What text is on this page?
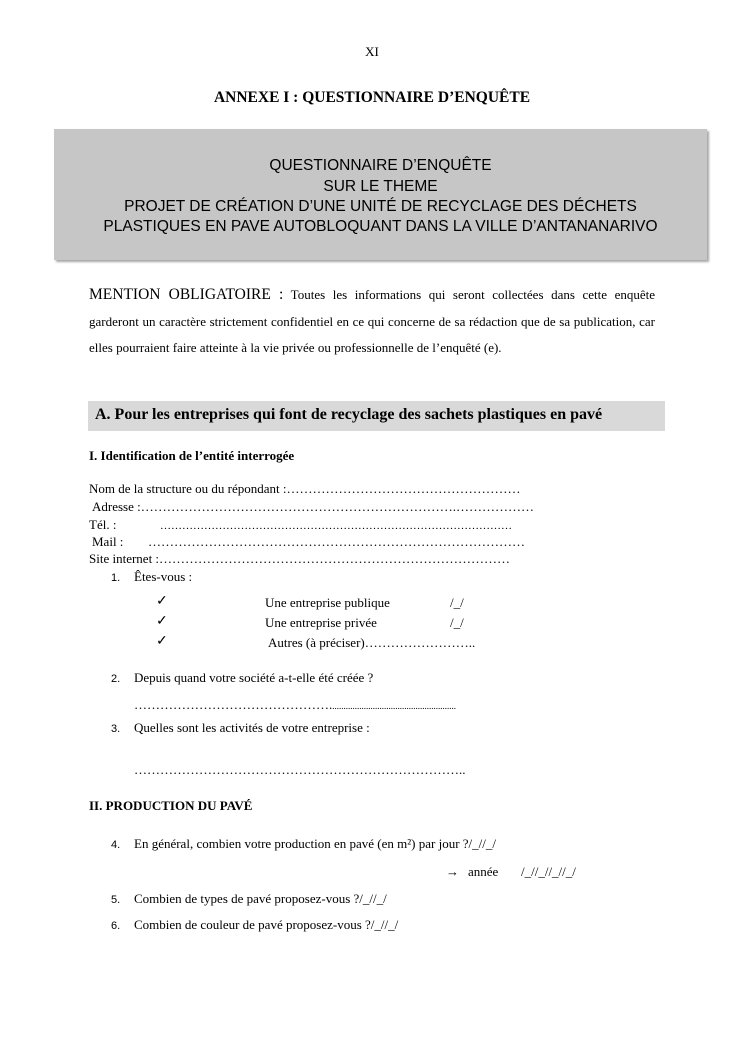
XI
ANNEXE I : QUESTIONNAIRE D’ENQUÊTE
QUESTIONNAIRE D’ENQUÊTE
SUR LE THEME
PROJET DE CRÉATION D’UNE UNITÉ DE RECYCLAGE DES DÉCHETS
PLASTIQUES EN PAVE AUTOBLOQUANT DANS LA VILLE D’ANTANANARIVO
MENTION OBLIGATOIRE : Toutes les informations qui seront collectées dans cette enquête garderont un caractère strictement confidentiel en ce qui concerne de sa rédaction que de sa publication, car elles pourraient faire atteinte à la vie privée ou professionnelle de l’enquêté (e).
A. Pour les entreprises qui font de recyclage des sachets plastiques en pavé
I. Identification de l’entité interrogée
Nom de la structure ou du répondant :………………………………………………
Adresse :……………………………………………………………….………………
Tél. :	……………………………………………………………………………………
Mail : ……………………………………………………………………………
Site internet :………………………………………………………………………
1. Êtes-vous :
✓	Une entreprise publique	/_/
✓	Une entreprise privée	/_/
✓	Autres (à préciser)……………………..
2. Depuis quand votre société a-t-elle été créée ?
………………………………………........................................................
3. Quelles sont les activités de votre entreprise :
…………………………………………………………………..
II. PRODUCTION DU PAVÉ
4. En général, combien votre production en pavé (en m²) par jour ?/_//_/
→ année /_//_//_//_/
5. Combien de types de pavé proposez-vous ?/_//_/
6. Combien de couleur de pavé proposez-vous ?/_//_/
